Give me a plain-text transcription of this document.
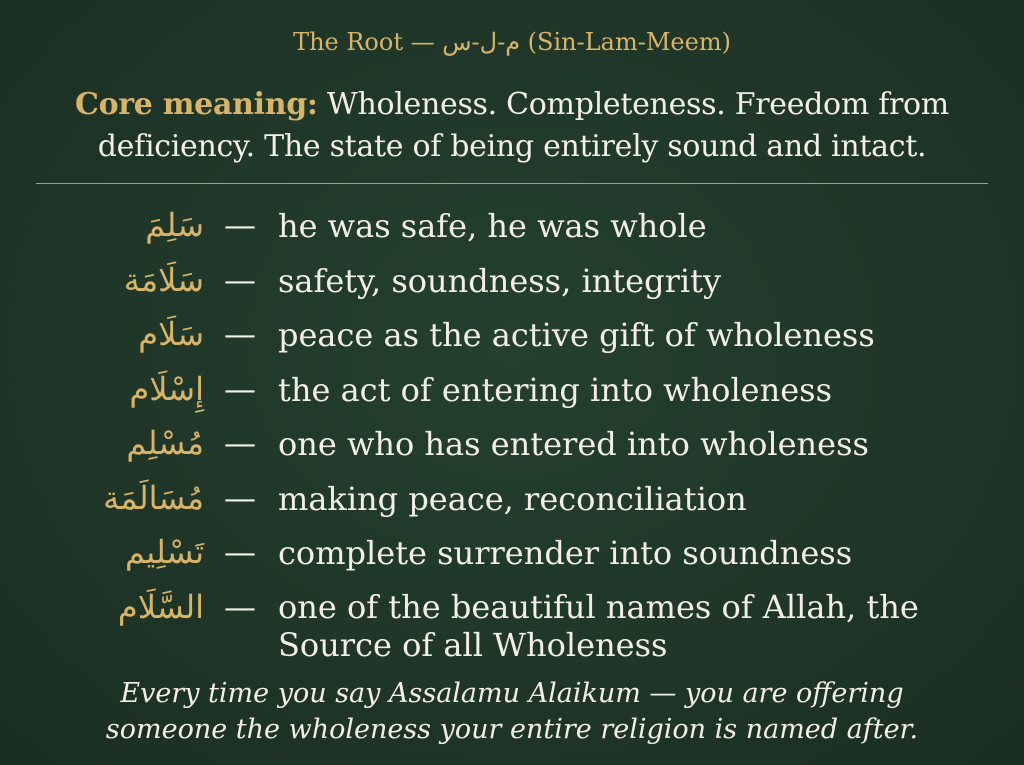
The Root — م-ل-س (Sin-Lam-Meem)
Core meaning: Wholeness. Completeness. Freedom from deficiency. The state of being entirely sound and intact.
سَلِمَ — he was safe, he was whole
سَلَامَة — safety, soundness, integrity
سَلَام — peace as the active gift of wholeness
إِسْلَام — the act of entering into wholeness
مُسْلِم — one who has entered into wholeness
مُسَالَمَة — making peace, reconciliation
تَسْلِيم — complete surrender into soundness
السَّلَام — one of the beautiful names of Allah, the Source of all Wholeness
Every time you say Assalamu Alaikum — you are offering
someone the wholeness your entire religion is named after.
